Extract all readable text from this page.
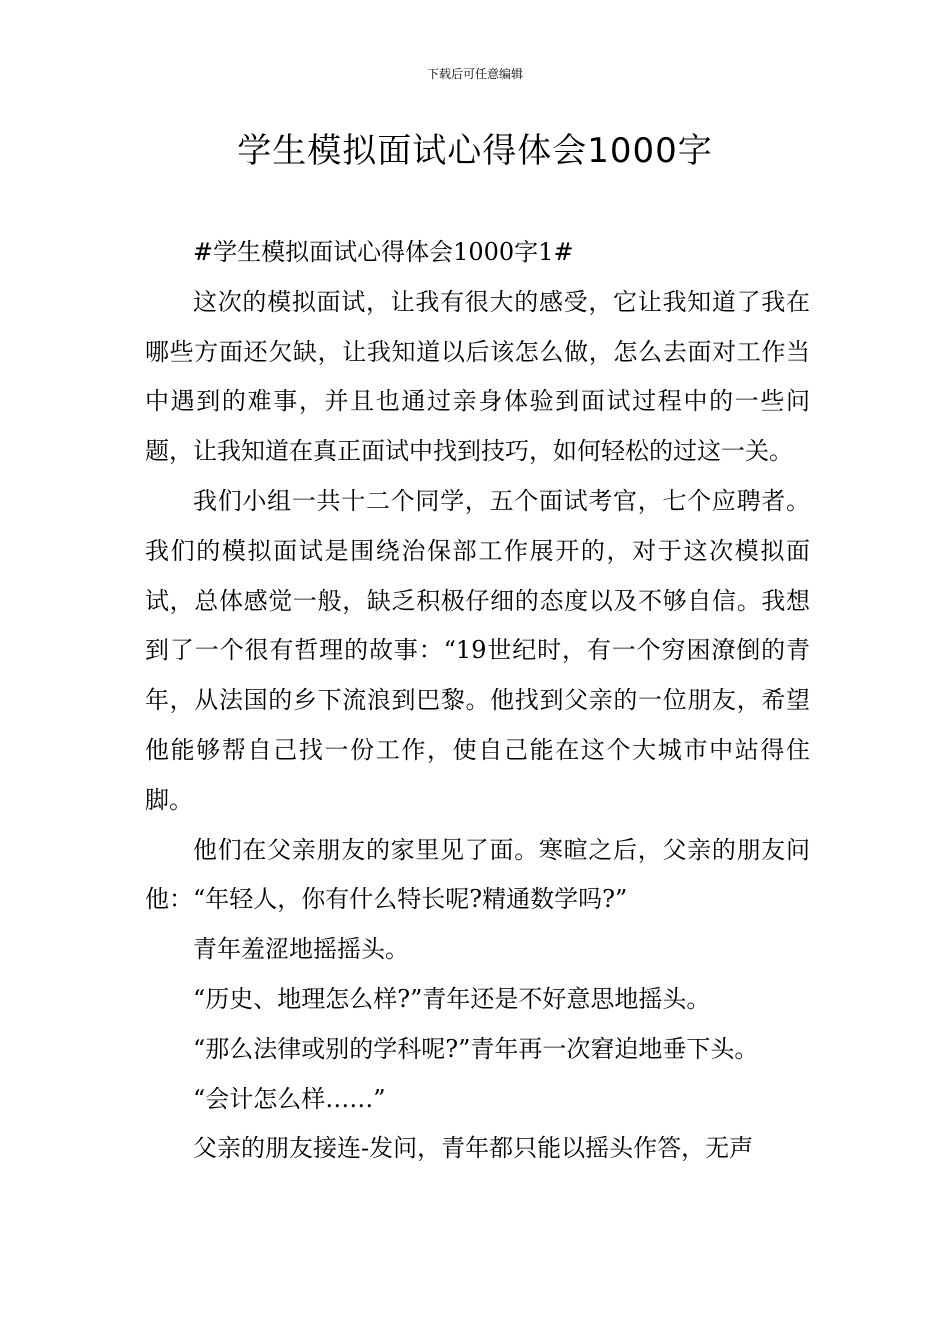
下载后可任意编辑
学生模拟面试心得体会1000字

#学生模拟面试心得体会1000字1#

这次的模拟面试，让我有很大的感受，它让我知道了我在哪些方面还欠缺，让我知道以后该怎么做，怎么去面对工作当中遇到的难事，并且也通过亲身体验到面试过程中的一些问题，让我知道在真正面试中找到技巧，如何轻松的过这一关。

我们小组一共十二个同学，五个面试考官，七个应聘者。我们的模拟面试是围绕治保部工作展开的，对于这次模拟面试，总体感觉一般，缺乏积极仔细的态度以及不够自信。我想到了一个很有哲理的故事：“19世纪时，有一个穷困潦倒的青年，从法国的乡下流浪到巴黎。他找到父亲的一位朋友，希望他能够帮自己找一份工作，使自己能在这个大城市中站得住脚。

他们在父亲朋友的家里见了面。寒暄之后，父亲的朋友问他：“年轻人，你有什么特长呢?精通数学吗?”

青年羞涩地摇摇头。

“历史、地理怎么样?”青年还是不好意思地摇头。

“那么法律或别的学科呢?”青年再一次窘迫地垂下头。

“会计怎么样……”

父亲的朋友接连-发问，青年都只能以摇头作答，无声
